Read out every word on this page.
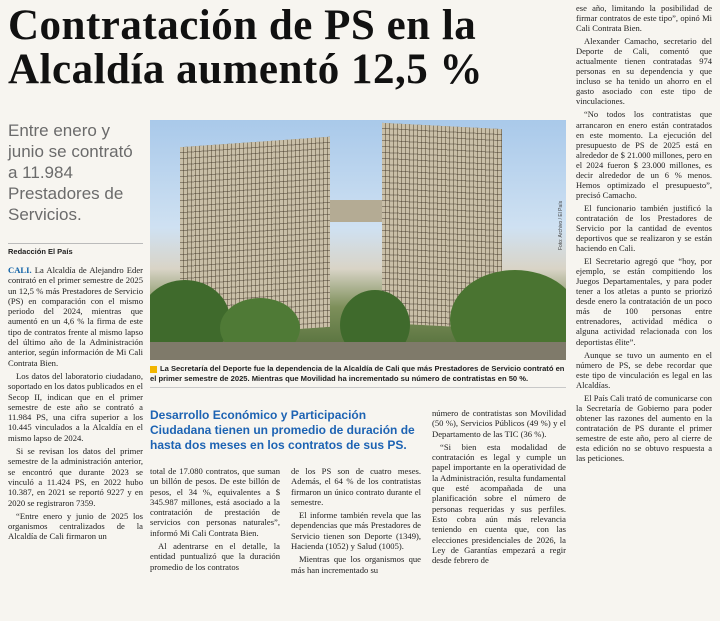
Contratación de PS en la Alcaldía aumentó 12,5 %
Entre enero y junio se contrató a 11.984 Prestadores de Servicios.
Redacción El País
Foto: Archivo / El País
La Secretaría del Deporte fue la dependencia de la Alcaldía de Cali que más Prestadores de Servicio contrató en el primer semestre de 2025. Mientras que Movilidad ha incrementado su número de contratistas en 50 %.
Desarrollo Económico y Participación Ciudadana tienen un promedio de duración de hasta dos meses en los contratos de sus PS.

CALI. La Alcaldía de Alejandro Eder contrató en el primer semestre de 2025 un 12,5 % más Prestadores de Servicio (PS) en comparación con el mismo periodo del 2024, mientras que aumentó en un 4,6 % la firma de este tipo de contratos frente al mismo lapso del último año de la Administración anterior, según información de Mi Cali Contrata Bien.

Los datos del laboratorio ciudadano, soportado en los datos publicados en el Secop II, indican que en el primer semestre de este año se contrató a 11.984 PS, una cifra superior a los 10.445 vinculados a la Alcaldía en el mismo lapso de 2024.

Si se revisan los datos del primer semestre de la administración anterior, se encontró que durante 2023 se vinculó a 11.424 PS, en 2022 hubo 10.387, en 2021 se reportó 9227 y en 2020 se registraron 7359.

“Entre enero y junio de 2025 los organismos centralizados de la Alcaldía de Cali firmaron un

total de 17.080 contratos, que suman un billón de pesos. De este billón de pesos, el 34 %, equivalentes a $ 345.987 millones, está asociado a la contratación de prestación de servicios con personas naturales”, informó Mi Cali Contrata Bien.

Al adentrarse en el detalle, la entidad puntualizó que la duración promedio de los contratos

de los PS son de cuatro meses. Además, el 64 % de los contratistas firmaron un único contrato durante el semestre.

El informe también revela que las dependencias que más Prestadores de Servicio tienen son Deporte (1349), Hacienda (1052) y Salud (1005).

Mientras que los organismos que más han incrementado su

número de contratistas son Movilidad (50 %), Servicios Públicos (49 %) y el Departamento de las TIC (36 %).

“Si bien esta modalidad de contratación es legal y cumple un papel importante en la operatividad de la Administración, resulta fundamental que esté acompañada de una planificación sobre el número de personas requeridas y sus perfiles. Esto cobra aún más relevancia teniendo en cuenta que, con las elecciones presidenciales de 2026, la Ley de Garantías empezará a regir desde febrero de

ese año, limitando la posibilidad de firmar contratos de este tipo”, opinó Mi Cali Contrata Bien.

Alexander Camacho, secretario del Deporte de Cali, comentó que actualmente tienen contratadas 974 personas en su dependencia y que incluso se ha tenido un ahorro en el gasto asociado con este tipo de vinculaciones.

“No todos los contratistas que arrancaron en enero están contratados en este momento. La ejecución del presupuesto de PS de 2025 está en alrededor de $ 21.000 millones, pero en el 2024 fueron $ 23.000 millones, es decir alrededor de un 6 % menos. Hemos optimizado el presupuesto”, precisó Camacho.

El funcionario también justificó la contratación de los Prestadores de Servicio por la cantidad de eventos deportivos que se realizaron y se están haciendo en Cali.

El Secretario agregó que “hoy, por ejemplo, se están compitiendo los Juegos Departamentales, y para poder tener a los atletas a punto se priorizó desde enero la contratación de un poco más de 100 personas entre entrenadores, actividad médica o alguna actividad relacionada con los deportistas élite”.

Aunque se tuvo un aumento en el número de PS, se debe recordar que este tipo de vinculación es legal en las Alcaldías.

El País Cali trató de comunicarse con la Secretaría de Gobierno para poder obtener las razones del aumento en la contratación de PS durante el primer semestre de este año, pero al cierre de esta edición no se obtuvo respuesta a las peticiones.
